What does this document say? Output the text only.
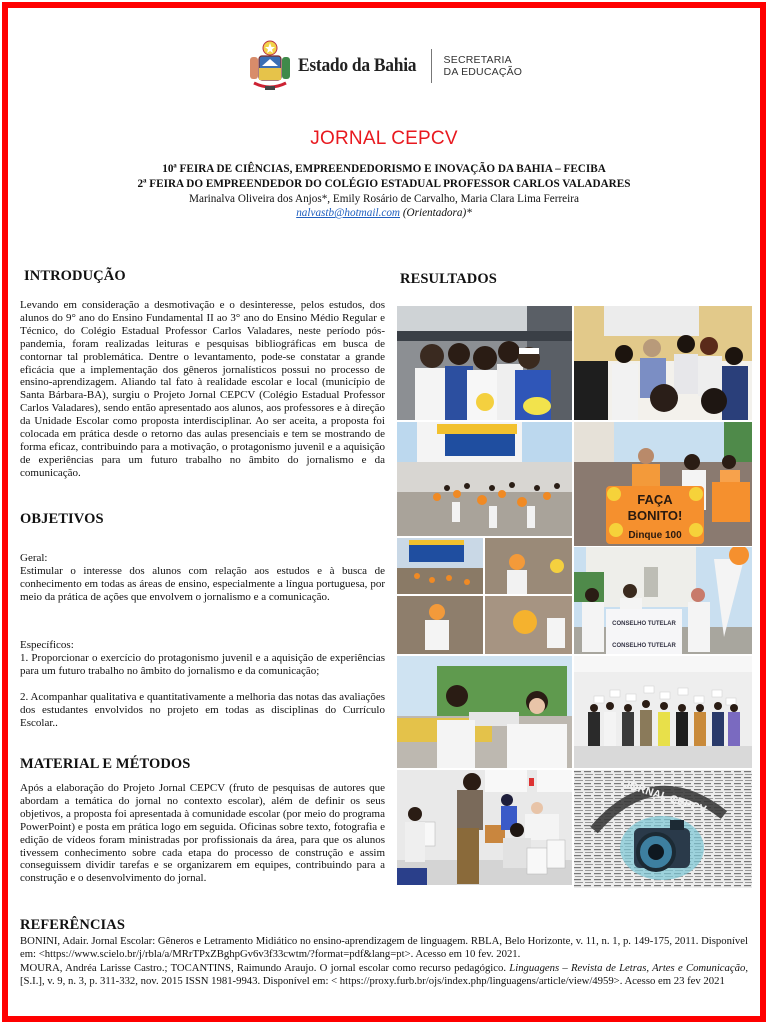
Estado da Bahia	SECRETARIA
DA EDUCAÇÃO
JORNAL CEPCV
10ª FEIRA DE CIÊNCIAS, EMPREENDEDORISMO E INOVAÇÃO DA BAHIA – FECIBA
2ª FEIRA DO EMPREENDEDOR DO COLÉGIO ESTADUAL PROFESSOR CARLOS VALADARES
Marinalva Oliveira dos Anjos*, Emily Rosário de Carvalho, Maria Clara Lima Ferreira
nalvastb@hotmail.com (Orientadora)*
INTRODUÇÃO

Levando em consideração a desmotivação e o desinteresse, pelos estudos, dos alunos do 9° ano do Ensino Fundamental II ao 3° ano do Ensino Médio Regular e Técnico, do Colégio Estadual Professor Carlos Valadares, neste período pós-pandemia, foram realizadas leituras e pesquisas bibliográficas em busca de contornar tal problemática. Dentre o levantamento, pode-se constatar a grande eficácia que a implementação dos gêneros jornalísticos possui no processo de ensino-aprendizagem. Aliando tal fato à realidade escolar e local (município de Santa Bárbara-BA), surgiu o Projeto Jornal CEPCV (Colégio Estadual Professor Carlos Valadares), sendo então apresentado aos alunos, aos professores e à direção da Unidade Escolar como proposta interdisciplinar. Ao ser aceita, a proposta foi colocada em prática desde o retorno das aulas presenciais e tem se mostrando de forma eficaz, contribuindo para a motivação, o protagonismo juvenil e a aquisição de experiências para um futuro trabalho no âmbito do jornalismo e da comunicação.

OBJETIVOS

Geral:

Estimular o interesse dos alunos com relação aos estudos e à busca de conhecimento em todas as áreas de ensino, especialmente a língua portuguesa, por meio da prática de ações que envolvem o jornalismo e a comunicação.

Específicos:

1. Proporcionar o exercício do protagonismo juvenil e a aquisição de experiências para um futuro trabalho no âmbito do jornalismo e da comunicação;

2. Acompanhar qualitativa e quantitativamente a melhoria das notas das avaliações dos estudantes envolvidos no projeto em todas as disciplinas do Currículo Escolar..

MATERIAL E MÉTODOS

Após a elaboração do Projeto Jornal CEPCV (fruto de pesquisas de autores que abordam a temática do jornal no contexto escolar), além de definir os seus objetivos, a proposta foi apresentada à comunidade escolar (por meio do programa PowerPoint) e posta em prática logo em seguida. Oficinas sobre texto, fotografia e edição de vídeos foram ministradas por profissionais da área, para que os alunos tivessem conhecimento sobre cada etapa do processo de construção e assim conseguissem dividir tarefas e se organizarem em equipes, contribuindo para a construção e o desenvolvimento do jornal.

RESULTADOS
FAÇA
BONITO!
Dinque 100
CONSELHO TUTELAR
CONSELHO TUTELAR
JORNAL CEPCV
REFERÊNCIAS

BONINI, Adair. Jornal Escolar: Gêneros e Letramento Midiático no ensino-aprendizagem de linguagem. RBLA, Belo Horizonte, v. 11, n. 1, p. 149-175, 2011. Disponível em: <https://www.scielo.br/j/rbla/a/MRrTPxZBghpGv6v3f33cwtm/?format=pdf&lang=pt>. Acesso em 10 fev. 2021.

MOURA, Andréa Larisse Castro.; TOCANTINS, Raimundo Araujo. O jornal escolar como recurso pedagógico. Linguagens – Revista de Letras, Artes e Comunicação, [S.I.], v. 9, n. 3, p. 311-332, nov. 2015 ISSN 1981-9943. Disponível em: < https://proxy.furb.br/ojs/index.php/linguagens/article/view/4959>. Acesso em 23 fev 2021
